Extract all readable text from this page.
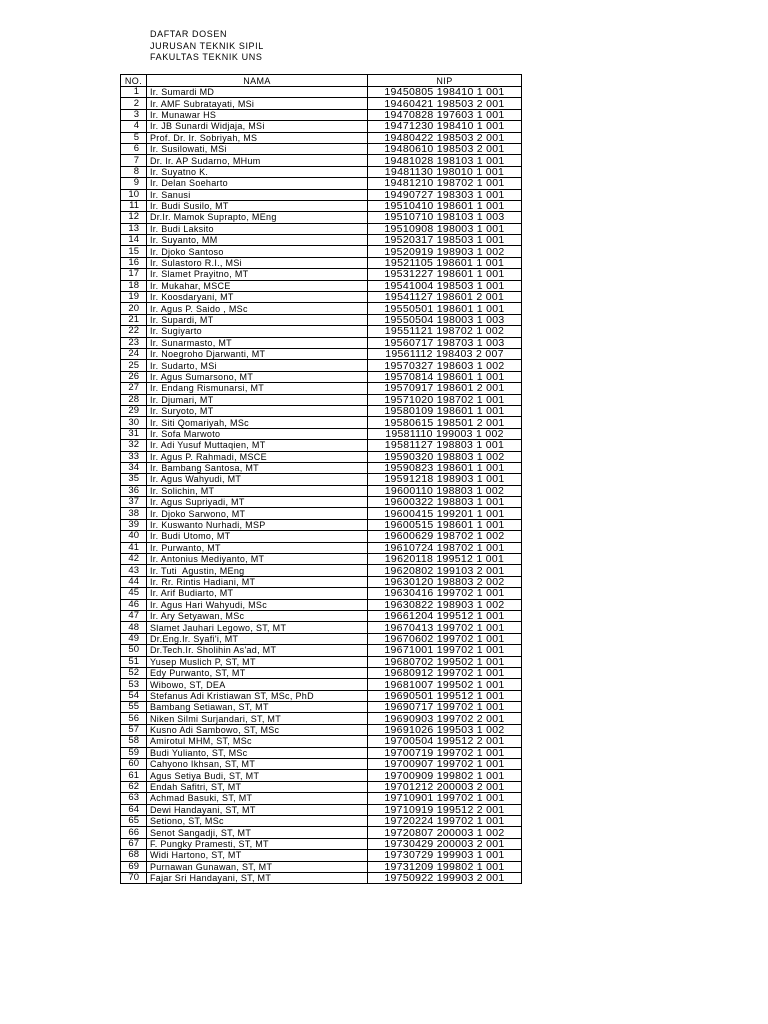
DAFTAR DOSEN
JURUSAN TEKNIK SIPIL
FAKULTAS TEKNIK UNS
NO.	NAMA	NIP
1	Ir. Sumardi MD	19450805 198410 1 001
2	Ir. AMF Subratayati, MSi	19460421 198503 2 001
3	Ir. Munawar HS	19470828 197603 1 001
4	Ir. JB Sunardi Widjaja, MSi	19471230 198410 1 001
5	Prof. Dr. Ir. Sobriyah, MS	19480422 198503 2 001
6	Ir. Susilowati, MSi	19480610 198503 2 001
7	Dr. Ir. AP Sudarno, MHum	19481028 198103 1 001
8	Ir. Suyatno K.	19481130 198010 1 001
9	Ir. Delan Soeharto	19481210 198702 1 001
10	Ir. Sanusi	19490727 198303 1 001
11	Ir. Budi Susilo, MT	19510410 198601 1 001
12	Dr.Ir. Mamok Suprapto, MEng	19510710 198103 1 003
13	Ir. Budi Laksito	19510908 198003 1 001
14	Ir. Suyanto, MM	19520317 198503 1 001
15	Ir. Djoko Santoso	19520919 198903 1 002
16	Ir. Sulastoro R.I., MSi	19521105 198601 1 001
17	Ir. Slamet Prayitno, MT	19531227 198601 1 001
18	Ir. Mukahar, MSCE	19541004 198503 1 001
19	Ir. Koosdaryani, MT	19541127 198601 2 001
20	Ir. Agus P. Saido , MSc	19550501 198601 1 001
21	Ir. Supardi, MT	19550504 198003 1 003
22	Ir. Sugiyarto	19551121 198702 1 002
23	Ir. Sunarmasto, MT	19560717 198703 1 003
24	Ir. Noegroho Djarwanti, MT	19561112 198403 2 007
25	Ir. Sudarto, MSi	19570327 198603 1 002
26	Ir. Agus Sumarsono, MT	19570814 198601 1 001
27	Ir. Endang Rismunarsi, MT	19570917 198601 2 001
28	Ir. Djumari, MT	19571020 198702 1 001
29	Ir. Suryoto, MT	19580109 198601 1 001
30	Ir. Siti Qomariyah, MSc	19580615 198501 2 001
31	Ir. Sofa Marwoto	19581110 199003 1 002
32	Ir. Adi Yusuf Muttaqien, MT	19581127 198803 1 001
33	Ir. Agus P. Rahmadi, MSCE	19590320 198803 1 002
34	Ir. Bambang Santosa, MT	19590823 198601 1 001
35	Ir. Agus Wahyudi, MT	19591218 198903 1 001
36	Ir. Solichin, MT	19600110 198803 1 002
37	Ir. Agus Supriyadi, MT	19600322 198803 1 001
38	Ir. Djoko Sarwono, MT	19600415 199201 1 001
39	Ir. Kuswanto Nurhadi, MSP	19600515 198601 1 001
40	Ir. Budi Utomo, MT	19600629 198702 1 002
41	Ir. Purwanto, MT	19610724 198702 1 001
42	Ir. Antonius Mediyanto, MT	19620118 199512 1 001
43	Ir. Tuti  Agustin, MEng	19620802 199103 2 001
44	Ir. Rr. Rintis Hadiani, MT	19630120 198803 2 002
45	Ir. Arif Budiarto, MT	19630416 199702 1 001
46	Ir. Agus Hari Wahyudi, MSc	19630822 198903 1 002
47	Ir. Ary Setyawan, MSc	19661204 199512 1 001
48	Slamet Jauhari Legowo, ST, MT	19670413 199702 1 001
49	Dr.Eng.Ir. Syafi'i, MT	19670602 199702 1 001
50	Dr.Tech.Ir. Sholihin As'ad, MT	19671001 199702 1 001
51	Yusep Muslich P, ST, MT	19680702 199502 1 001
52	Edy Purwanto, ST, MT	19680912 199702 1 001
53	Wibowo, ST, DEA	19681007 199502 1 001
54	Stefanus Adi Kristiawan ST, MSc, PhD	19690501 199512 1 001
55	Bambang Setiawan, ST, MT	19690717 199702 1 001
56	Niken Silmi Surjandari, ST, MT	19690903 199702 2 001
57	Kusno Adi Sambowo, ST, MSc	19691026 199503 1 002
58	Amirotul MHM, ST, MSc	19700504 199512 2 001
59	Budi Yulianto, ST, MSc	19700719 199702 1 001
60	Cahyono Ikhsan, ST, MT	19700907 199702 1 001
61	Agus Setiya Budi, ST, MT	19700909 199802 1 001
62	Endah Safitri, ST, MT	19701212 200003 2 001
63	Achmad Basuki, ST, MT	19710901 199702 1 001
64	Dewi Handayani, ST, MT	19710919 199512 2 001
65	Setiono, ST, MSc	19720224 199702 1 001
66	Senot Sangadji, ST, MT	19720807 200003 1 002
67	F. Pungky Pramesti, ST, MT	19730429 200003 2 001
68	Widi Hartono, ST, MT	19730729 199903 1 001
69	Purnawan Gunawan, ST, MT	19731209 199802 1 001
70	Fajar Sri Handayani, ST, MT	19750922 199903 2 001
